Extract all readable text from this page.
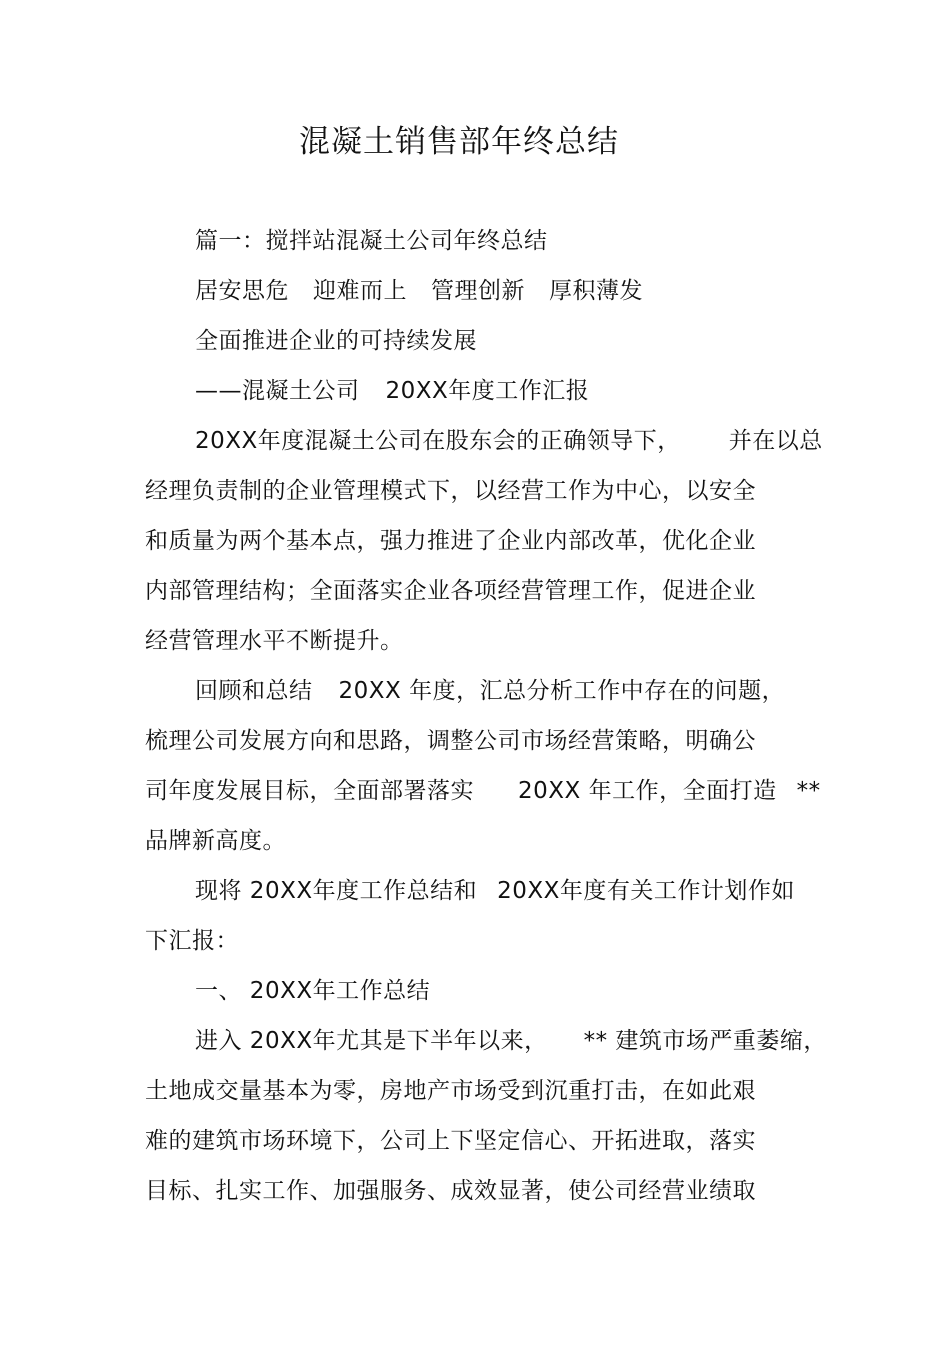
混凝土销售部年终总结
篇一：搅拌站混凝土公司年终总结
居安思危 迎难而上 管理创新 厚积薄发
全面推进企业的可持续发展
——混凝土公司 20XX年度工作汇报
20XX年度混凝土公司在股东会的正确领导下， 并在以总
经理负责制的企业管理模式下，以经营工作为中心，以安全
和质量为两个基本点，强力推进了企业内部改革，优化企业
内部管理结构；全面落实企业各项经营管理工作，促进企业
经营管理水平不断提升。
回顾和总结 20XX 年度，汇总分析工作中存在的问题，
梳理公司发展方向和思路，调整公司市场经营策略，明确公
司年度发展目标，全面部署落实 20XX 年工作，全面打造 **
品牌新高度。
现将 20XX年度工作总结和 20XX年度有关工作计划作如
下汇报：
一、 20XX年工作总结
进入 20XX年尤其是下半年以来， ** 建筑市场严重萎缩，
土地成交量基本为零，房地产市场受到沉重打击，在如此艰
难的建筑市场环境下，公司上下坚定信心、开拓进取，落实
目标、扎实工作、加强服务、成效显著，使公司经营业绩取
